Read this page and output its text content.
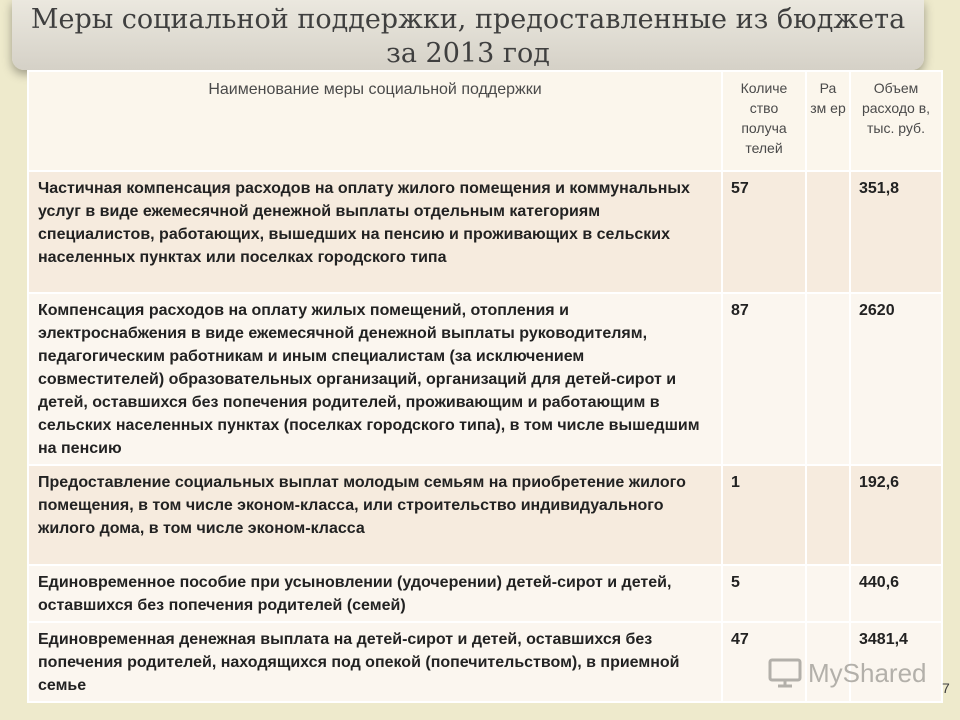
Меры социальной поддержки, предоставленные из бюджета
за 2013 год
Наименование меры социальной поддержки	Количе ство получа телей	Ра зм ер	Объем расходо в, тыс. руб.
Частичная компенсация расходов на оплату жилого помещения и коммунальных услуг в виде ежемесячной денежной выплаты отдельным категориям специалистов, работающих, вышедших на пенсию и проживающих в сельских населенных пунктах или поселках городского типа	57		351,8
Компенсация расходов на оплату жилых помещений, отопления и электроснабжения в виде ежемесячной денежной выплаты руководителям, педагогическим работникам и иным специалистам (за исключением совместителей) образовательных организаций, организаций для детей-сирот и детей, оставшихся без попечения родителей, проживающим и работающим в сельских населенных пунктах (поселках городского типа), в том числе вышедшим на пенсию	87		2620
Предоставление социальных выплат молодым семьям на приобретение жилого помещения, в том числе эконом-класса, или строительство индивидуального жилого дома, в том числе эконом-класса	1		192,6
Единовременное пособие при усыновлении (удочерении) детей-сирот и детей, оставшихся без попечения родителей (семей)	5		440,6
Единовременная денежная выплата на детей-сирот и детей, оставшихся без попечения родителей, находящихся под опекой (попечительством), в приемной семье	47		3481,4
MyShared
7
